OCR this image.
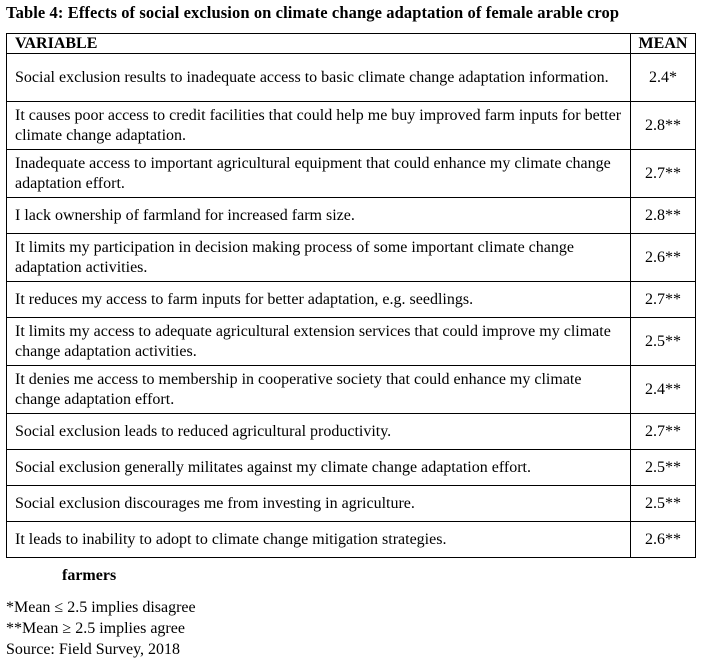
Table 4: Effects of social exclusion on climate change adaptation of female arable crop
VARIABLE	MEAN
Social exclusion results to inadequate access to basic climate change adaptation information.	2.4*
It causes poor access to credit facilities that could help me buy improved farm inputs for better climate change adaptation.	2.8**
Inadequate access to important agricultural equipment that could enhance my climate change adaptation effort.	2.7**
I lack ownership of farmland for increased farm size.	2.8**
It limits my participation in decision making process of some important climate change adaptation activities.	2.6**
It reduces my access to farm inputs for better adaptation, e.g. seedlings.	2.7**
It limits my access to adequate agricultural extension services that could improve my climate change adaptation activities.	2.5**
It denies me access to membership in cooperative society that could enhance my climate change adaptation effort.	2.4**
Social exclusion leads to reduced agricultural productivity.	2.7**
Social exclusion generally militates against my climate change adaptation effort.	2.5**
Social exclusion discourages me from investing in agriculture.	2.5**
It leads to inability to adopt to climate change mitigation strategies.	2.6**
farmers
*Mean ≤ 2.5 implies disagree
**Mean ≥ 2.5 implies agree
Source: Field Survey, 2018
